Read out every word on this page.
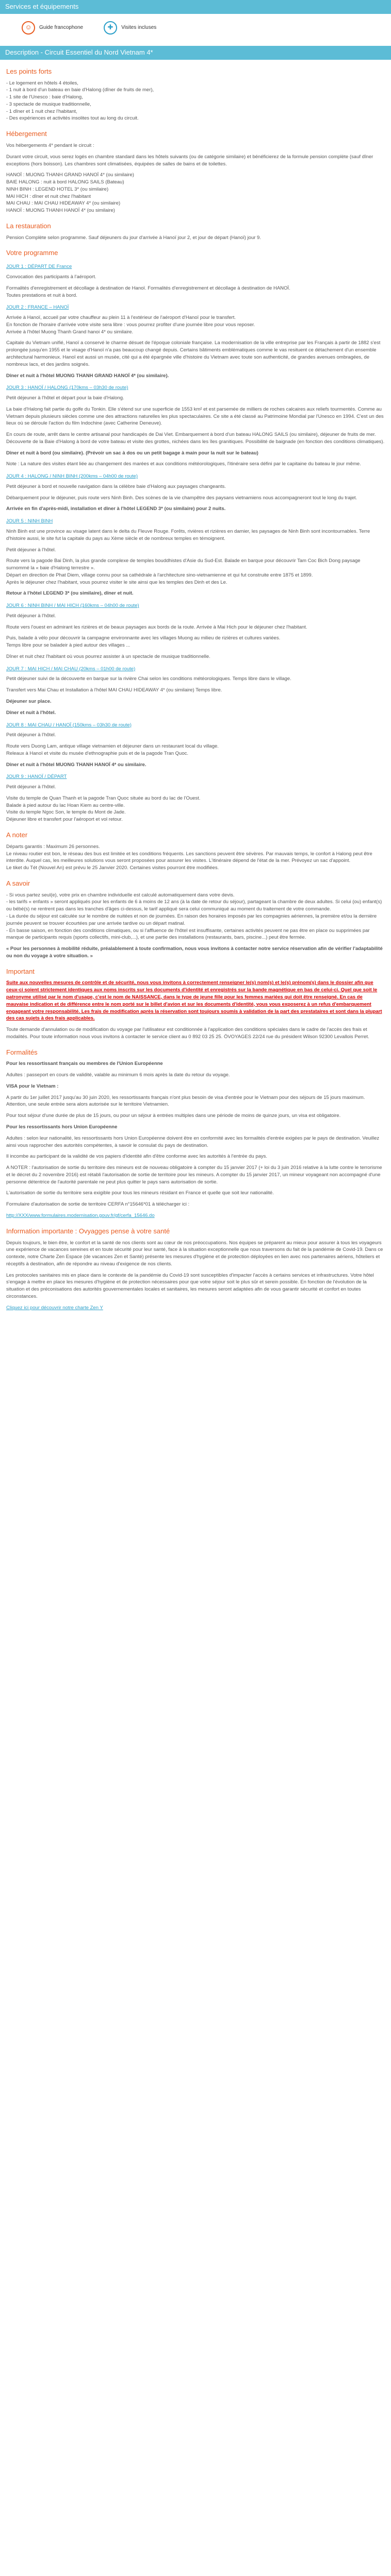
Services et équipements
☺	Guide francophone	✚	Visites incluses
Description - Circuit Essentiel du Nord Vietnam 4*
Les points forts

- Le logement en hôtels 4 étoiles,

- 1 nuit à bord d'un bateau en baie d'Halong (dîner de fruits de mer),

- 1 site de l'Unesco : baie d'Halong,

- 3 spectacle de musique traditionnelle,

- 1 dîner et 1 nuit chez l'habitant,

- Des expériences et activités insolites tout au long du circuit.

Hébergement

Vos hébergements 4* pendant le circuit :

Durant votre circuit, vous serez logés en chambre standard dans les hôtels suivants (ou de catégorie similaire) et bénéficierez de la formule pension complète (sauf dîner exceptions (hors boisson). Les chambres sont climatisées, équipées de salles de bains et de toilettes.

HANOÏ : MUONG THANH GRAND HANOÏ 4* (ou similaire)

BAIE HALONG : nuit à bord HALONG SAILS (Bateau)

NINH BINH : LEGEND HOTEL 3* (ou similaire)

MAI HICH : dîner et nuit chez l'habitant

MAI CHAU : MAI CHAU HIDEAWAY 4* (ou similaire)

HANOÏ : MUONG THANH HANOÏ 4* (ou similaire)

La restauration

Pension Complète selon programme. Sauf déjeuners du jour d'arrivée à Hanoï jour 2, et jour de départ (Hanoï) jour 9.

Votre programme

JOUR 1 : DÉPART DE France

Convocation des participants à l'aéroport.

Formalités d'enregistrement et décollage à destination de Hanoï. Formalités d'enregistrement et décollage à destination de HANOÏ.
Toutes prestations et nuit à bord.

JOUR 2 : FRANCE – HANOÏ

Arrivée à Hanoï, accueil par votre chauffeur au plein 11 à l'extérieur de l'aéroport d'Hanoï pour le transfert.
En fonction de l'horaire d'arrivée votre visite sera libre : vous pourrez profiter d'une journée libre pour vous reposer.
Arrivée à l'hôtel Muong Thanh Grand hanoi 4* ou similaire.

Capitale du Vietnam unifié, Hanoï a conservé le charme désuet de l'époque coloniale française. La modernisation de la ville entreprise par les Français à partir de 1882 s'est prolongée jusqu'en 1955 et le visage d'Hanoï n'a pas beaucoup changé depuis. Certains bâtiments emblématiques comme le vas resituent ce détachement d'un ensemble architectural harmonieux. Hanoï est aussi un musée, cité qui a été épargnée ville d'histoire du Vietnam avec toute son authenticité, de grandes avenues ombragées, de nombreux lacs, et des jardins soignés.

Dîner et nuit à l'hôtel MUONG THANH GRAND HANOÏ 4* (ou similaire).

JOUR 3 : HANOÏ / HALONG (170kms – 03h30 de route)

Petit déjeuner à l'hôtel et départ pour la baie d'Halong.

La baie d'Halong fait partie du golfe du Tonkin. Elle s'étend sur une superficie de 1553 km² et est parsemée de milliers de roches calcaires aux reliefs tourmentés. Comme au Vietnam depuis plusieurs siècles comme une des attractions naturelles les plus spectaculaires. Ce site a été classé au Patrimoine Mondial par l'Unesco en 1994. C'est un des lieux où se déroule l'action du film Indochine (avec Catherine Deneuve).

En cours de route, arrêt dans le centre artisanal pour handicapés de Dai Viet. Embarquement à bord d'un bateau HALONG SAILS (ou similaire), déjeuner de fruits de mer.
Découverte de la Baie d'Halong à bord de votre bateau et visite des grottes, nichées dans les îles granitiques. Possibilité de baignade (en fonction des conditions climatiques).

Dîner et nuit à bord (ou similaire). (Prévoir un sac à dos ou un petit bagage à main pour la nuit sur le bateau)

Note : La nature des visites étant liée au changement des marées et aux conditions météorologiques, l'itinéraire sera défini par le capitaine du bateau le jour même.

JOUR 4 : HALONG / NINH BINH (200kms – 04h00 de route)

Petit déjeuner à bord et nouvelle navigation dans la célèbre baie d'Halong aux paysages changeants.

Débarquement pour le déjeuner, puis route vers Ninh Binh. Des scènes de la vie champêtre des paysans vietnamiens nous accompagneront tout le long du trajet.

Arrivée en fin d'après-midi, installation et dîner à l'hôtel LEGEND 3* (ou similaire) pour 2 nuits.

JOUR 5 : NINH BINH

Ninh Binh est une province au visage latent dans le delta du Fleuve Rouge. Forêts, rivières et rizières en damier, les paysages de Ninh Binh sont incontournables. Terre d'histoire aussi, le site fut la capitale du pays au Xème siècle et de nombreux temples en témoignent.

Petit déjeuner à l'hôtel.

Route vers la pagode Bai Dinh, la plus grande complexe de temples bouddhistes d'Asie du Sud-Est. Balade en barque pour découvrir Tam Coc Bich Dong paysage surnommé la « baie d'Halong terrestre ».
Départ en direction de Phat Diem, village connu pour sa cathédrale à l'architecture sino-vietnamienne et qui fut construite entre 1875 et 1899.
Après le déjeuner chez l'habitant, vous pourrez visiter le site ainsi que les temples des Dinh et des Le.

Retour à l'hôtel LEGEND 3* (ou similaire), dîner et nuit.

JOUR 6 : NINH BINH / MAI HICH (160kms – 04h00 de route)

Petit déjeuner à l'hôtel.

Route vers l'ouest en admirant les rizières et de beaux paysages aux bords de la route. Arrivée à Mai Hich pour le déjeuner chez l'habitant.

Puis, balade à vélo pour découvrir la campagne environnante avec les villages Muong au milieu de rizières et cultures variées.
Temps libre pour se baladeir à pied autour des villages ...

Dîner et nuit chez l'habitant où vous pourrez assister à un spectacle de musique traditionnelle.

JOUR 7 : MAI HICH / MAI CHAU (20kms – 01h00 de route)

Petit déjeuner suivi de la découverte en barque sur la rivière Chai selon les conditions météorologiques. Temps libre dans le village.

Transfert vers Mai Chau et Installation à l'hôtel MAI CHAU HIDEAWAY 4* (ou similaire) Temps libre.

Déjeuner sur place.

Dîner et nuit à l'hôtel.

JOUR 8 : MAI CHAU / HANOÏ (150kms – 03h30 de route)

Petit déjeuner à l'hôtel.

Route vers Duong Lam, antique village vietnamien et déjeuner dans un restaurant local du village.
Releaux à Hanoï et visite du musée d'ethnographie puis et de la pagode Tran Quoc.

Dîner et nuit à l'hôtel MUONG THANH HANOÏ 4* ou similaire.

JOUR 9 : HANOÏ / DÉPART

Petit déjeuner à l'hôtel.

Visite du temple de Quan Thanh et la pagode Tran Quoc située au bord du lac de l'Ouest.
Balade à pied autour du lac Hoan Kiem au centre-ville.
Visite du temple Ngoc Son, le temple du Mont de Jade.
Déjeuner libre et transfert pour l'aéroport et vol retour.

A noter

Départs garantis : Maximum 26 personnes.
Le niveau routier est bon, le réseau des bus est limitée et les conditions fréquents. Les sanctions peuvent être sévères. Par mauvais temps, le confort à Halong peut être interdite. Auquel cas, les meilleures solutions vous seront proposées pour assurer les visites. L'itinéraire dépend de l'état de la mer. Prévoyez un sac d'appoint.
Le tiket du Tét (Nouvel An) est prévu le 25 Janvier 2020. Certaines visites pourront être modifiées.

A savoir

- Si vous partez seul(e), votre prix en chambre individuelle est calculé automatiquement dans votre devis.
- les tarifs « enfants » seront appliqués pour les enfants de 6 à moins de 12 ans (à la date de retour du séjour), partageant la chambre de deux adultes. Si celui (ou) enfant(s) ou bébé(s) ne rentrent pas dans les tranches d'âges ci-dessus, le tarif appliqué sera celui communiqué au moment du traitement de votre commande.
- La durée du séjour est calculée sur le nombre de nuitées et non de journées. En raison des horaires imposés par les compagnies aériennes, la première et/ou la dernière journée peuvent se trouver écourtées par une arrivée tardive ou un départ matinal.
- En basse saison, en fonction des conditions climatiques, ou si l'affluence de l'hôtel est insuffisante, certaines activités peuvent ne pas être en place ou supprimées par manque de participants requis (sports collectifs, mini-club,...), et une partie des installations (restaurants, bars, piscine...) peut être fermée.

« Pour les personnes à mobilité réduite, préalablement à toute confirmation, nous vous invitons à contacter notre service réservation afin de vérifier l'adaptabilité ou non du voyage à votre situation. »

Important

Suite aux nouvelles mesures de contrôle et de sécurité, nous vous invitons à correctement renseigner le(s) nom(s) et le(s) prénom(s) dans le dossier afin que ceux-ci soient strictement identiques aux noms inscrits sur les documents d'identité et enregistrés sur la bande magnétique en bas de celui-ci. Quel que soit le patronyme utilisé par le nom d'usage, c'est le nom de NAISSANCE, dans le type de jeune fille pour les femmes mariées qui doit être renseigné. En cas de mauvaise indication et de différence entre le nom porté sur le billet d'avion et sur les documents d'identité, vous vous exposerez à un refus d'embarquement engageant votre responsabilité. Les frais de modification après la réservation sont toujours soumis à validation de la part des prestataires et sont dans la plupart des cas sujets à des frais applicables.

Toute demande d'annulation ou de modification du voyage par l'utilisateur est conditionnée à l'application des conditions spéciales dans le cadre de l'accès des frais et modalités. Pour toute information nous vous invitons à contacter le service client au 0 892 03 25 25. ÖVOYAGES 22/24 rue du président Wilson 92300 Levallois Perret.

Formalités

Pour les ressortissant français ou membres de l'Union Européenne

Adultes : passeport en cours de validité, valable au minimum 6 mois après la date du retour du voyage.

VISA pour le Vietnam :

A partir du 1er juillet 2017 jusqu'au 30 juin 2020, les ressortissants français n'ont plus besoin de visa d'entrée pour le Vietnam pour des séjours de 15 jours maximum. Attention, une seule entrée sera alors autorisée sur le territoire Vietnamien.

Pour tout séjour d'une durée de plus de 15 jours, ou pour un séjour à entrées multiples dans une période de moins de quinze jours, un visa est obligatoire.

Pour les ressortissants hors Union Européenne

Adultes : selon leur nationalité, les ressortissants hors Union Européenne doivent être en conformité avec les formalités d'entrée exigées par le pays de destination. Veuillez ainsi vous rapprocher des autorités compétentes, à savoir le consulat du pays de destination.

Il incombe au participant de la validité de vos papiers d'identité afin d'être conforme avec les autorités à l'entrée du pays.

A NOTER : l'autorisation de sortie du territoire des mineurs est de nouveau obligatoire à compter du 15 janvier 2017 (+ loi du 3 juin 2016 relative à la lutte contre le terrorisme et le décret du 2 novembre 2016) est rétabli l'autorisation de sortie de territoire pour les mineurs. A compter du 15 janvier 2017, un mineur voyageant non accompagné d'une personne détentrice de l'autorité parentale ne peut plus quitter le pays sans autorisation de sortie.

L'autorisation de sortie du territoire sera exigible pour tous les mineurs résidant en France et quelle que soit leur nationalité.

Formulaire d'autorisation de sortie de territoire CERFA n°15646*01 à télécharger ici :

http://XXX/www.formulaires.modernisation.gouv.fr/gf/cerfa_15646.do

Information importante : Ovyagges pense à votre santé

Depuis toujours, le bien être, le confort et la santé de nos clients sont au cœur de nos préoccupations. Nos équipes se préparent au mieux pour assurer à tous les voyageurs une expérience de vacances sereines et en toute sécurité pour leur santé, face à la situation exceptionnelle que nous traversons du fait de la pandémie de Covid-19. Dans ce contexte, notre Charte Zen Espace (de vacances Zen et Santé) présente les mesures d'hygiène et de protection déployées en lien avec nos partenaires aériens, hôteliers et réceptifs à destination, afin de répondre au niveau d'exigence de nos clients.

Les protocoles sanitaires mis en place dans le contexte de la pandémie du Covid-19 sont susceptibles d'impacter l'accès à certains services et infrastructures. Votre hôtel s'engage à mettre en place les mesures d'hygiène et de protection nécessaires pour que votre séjour soit le plus sûr et serein possible. En fonction de l'évolution de la situation et des préconisations des autorités gouvernementales locales et sanitaires, les mesures seront adaptées afin de vous garantir sécurité et confort en toutes circonstances.

Cliquez ici pour découvrir notre charte Zen Y
